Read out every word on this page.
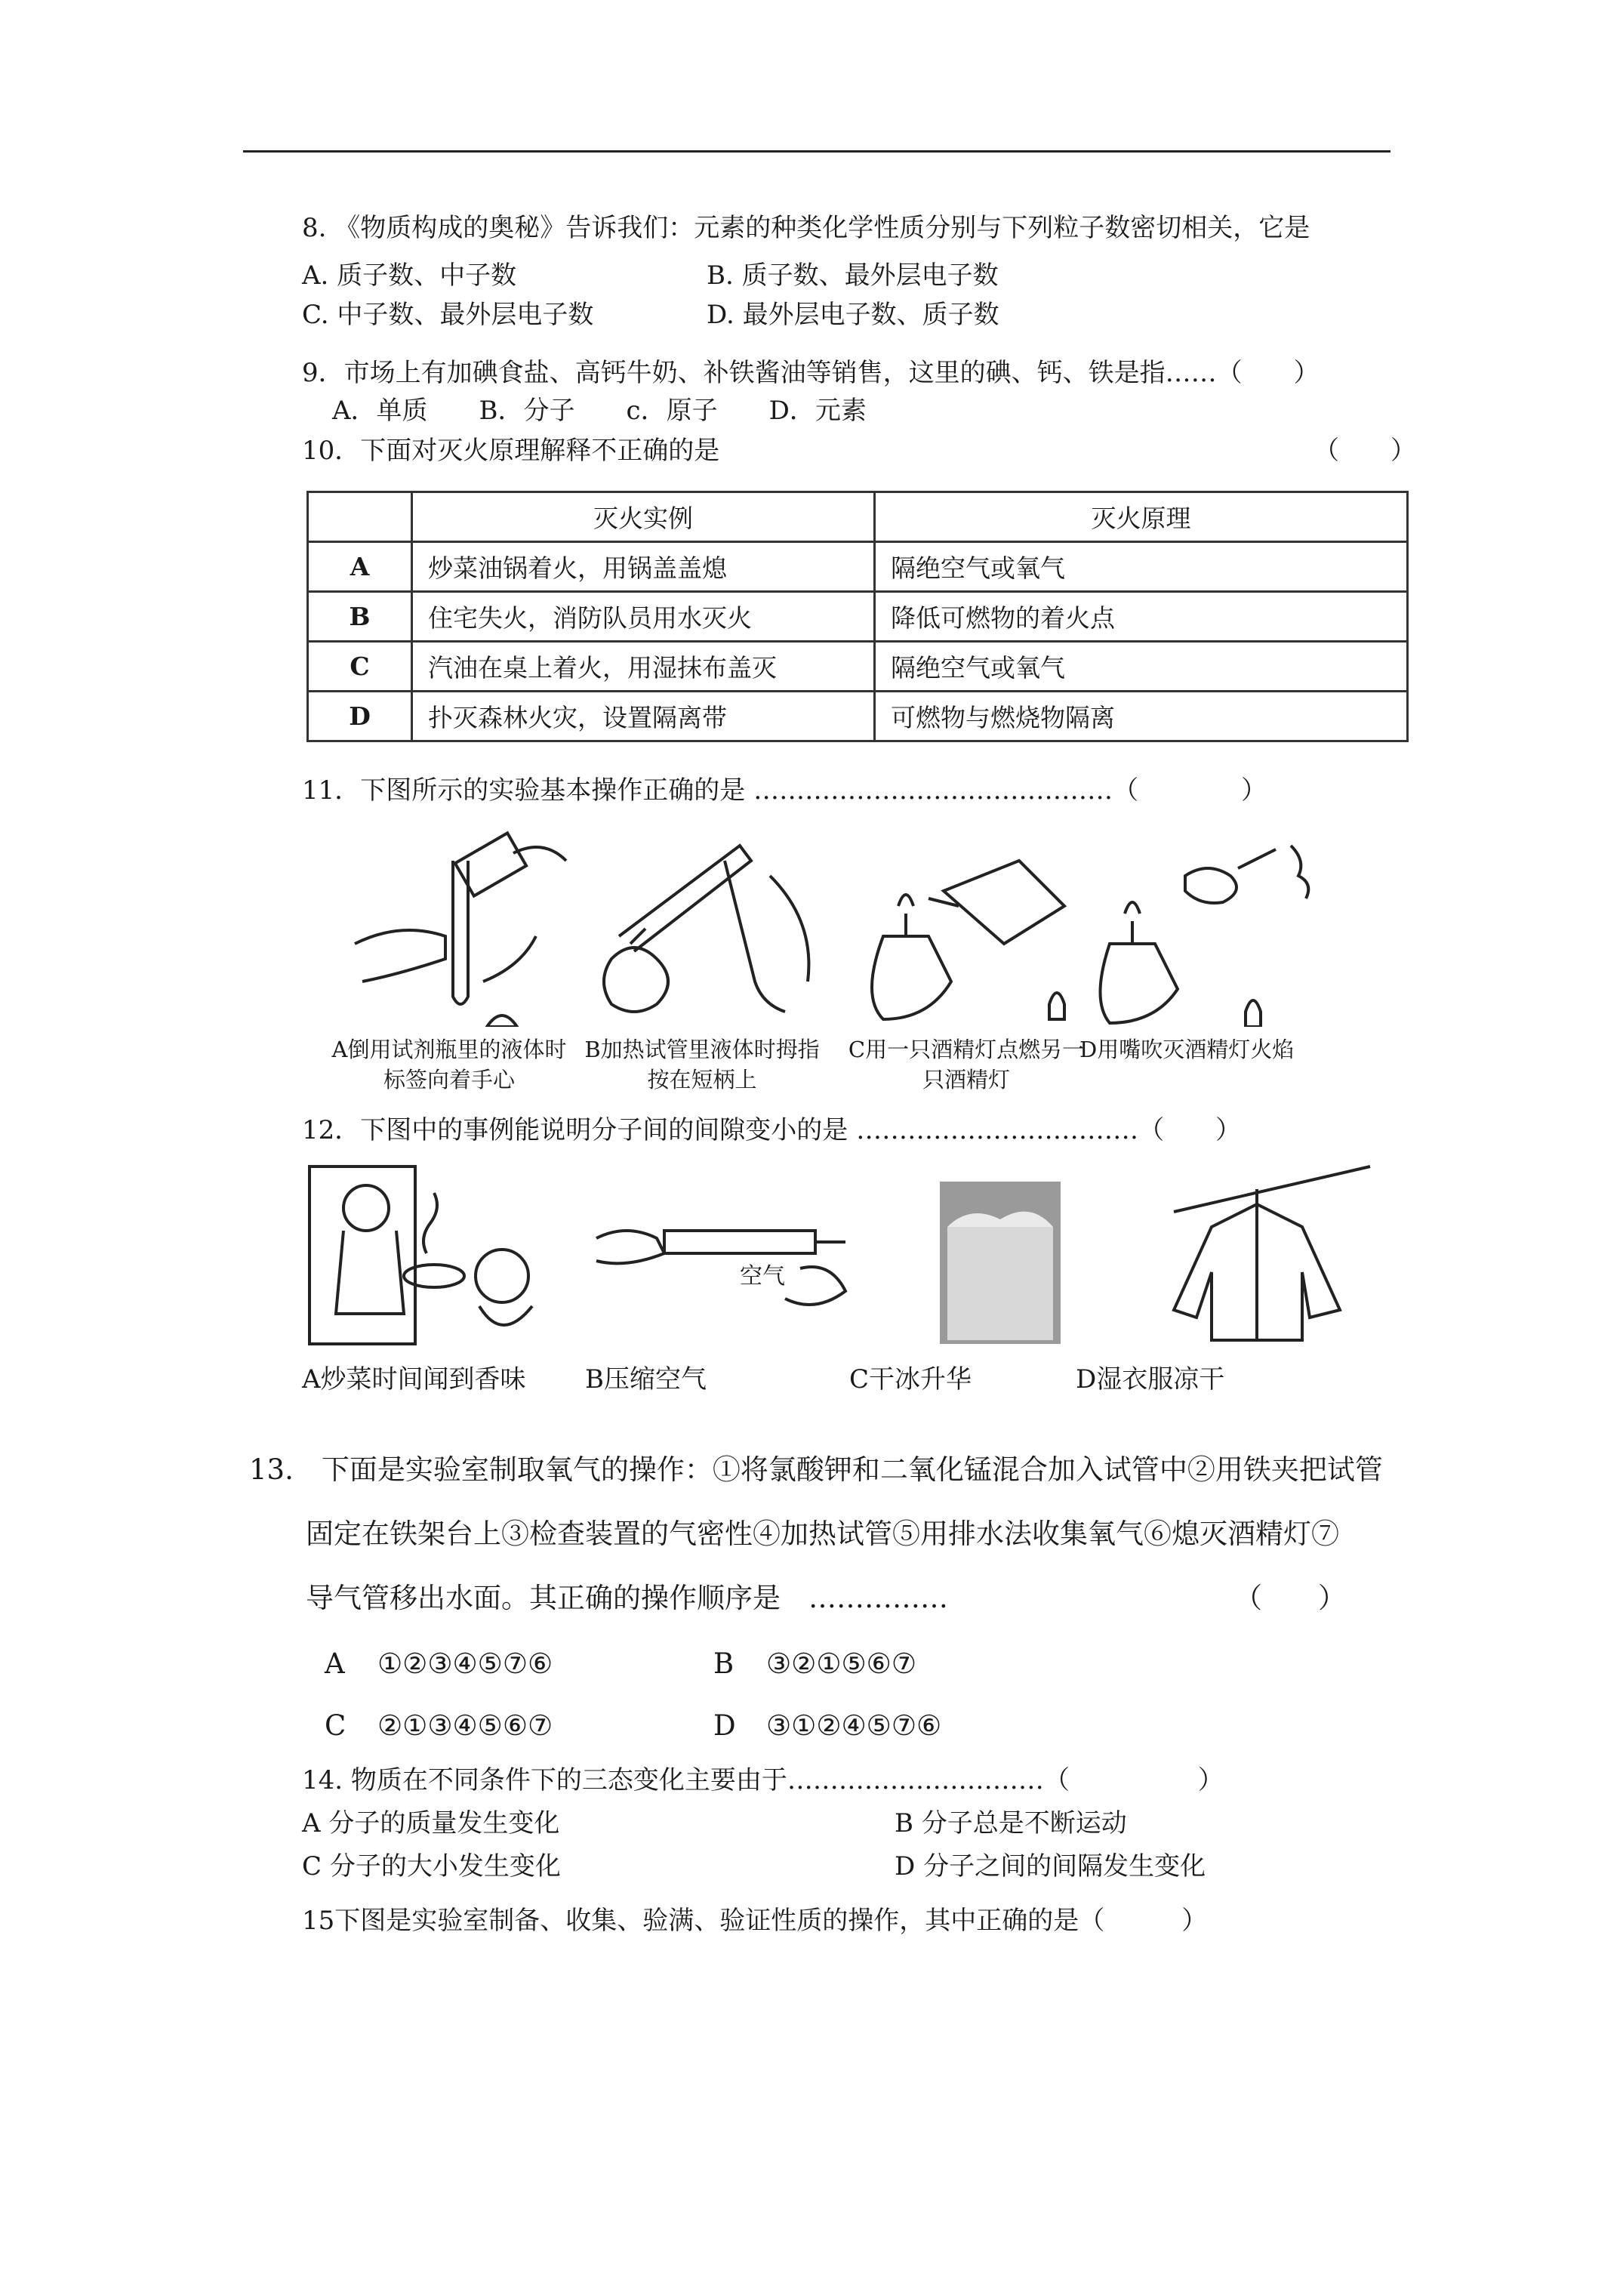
8. 《物质构成的奥秘》告诉我们：元素的种类化学性质分别与下列粒子数密切相关，它是
A. 质子数、中子数	B. 质子数、最外层电子数
C. 中子数、最外层电子数	D. 最外层电子数、质子数
9．市场上有加碘食盐、高钙牛奶、补铁酱油等销售，这里的碘、钙、铁是指……（　　）
A．单质　　B．分子　　c．原子　　D．元素
10．下面对灭火原理解释不正确的是	（　　）
	灭火实例	灭火原理
A	炒菜油锅着火，用锅盖盖熄	隔绝空气或氧气
B	住宅失火，消防队员用水灭火	降低可燃物的着火点
C	汽油在桌上着火，用湿抹布盖灭	隔绝空气或氧气
D	扑灭森林火灾，设置隔离带	可燃物与燃烧物隔离
11．下图所示的实验基本操作正确的是 ……………………………………（　　　　）
A倒用试剂瓶里的液体时标签向着手心
B加热试管里液体时拇指按在短柄上
C用一只酒精灯点燃另一只酒精灯
D用嘴吹灭酒精灯火焰
12．下图中的事例能说明分子间的间隙变小的是 ……………………………（　　）
空气
A炒菜时间闻到香味 B压缩空气	C干冰升华	D湿衣服凉干
13.　下面是实验室制取氧气的操作：①将氯酸钾和二氧化锰混合加入试管中②用铁夹把试管
固定在铁架台上③检查装置的气密性④加热试管⑤用排水法收集氧气⑥熄灭酒精灯⑦
导气管移出水面。其正确的操作顺序是　……………	（　　）
A ①②③④⑤⑦⑥	B ③②①⑤⑥⑦
C ②①③④⑤⑥⑦	D ③①②④⑤⑦⑥
14. 物质在不同条件下的三态变化主要由于…………………………（　　　　　）
A 分子的质量发生变化	B 分子总是不断运动
C 分子的大小发生变化	D 分子之间的间隔发生变化
15下图是实验室制备、收集、验满、验证性质的操作，其中正确的是（　　　）
